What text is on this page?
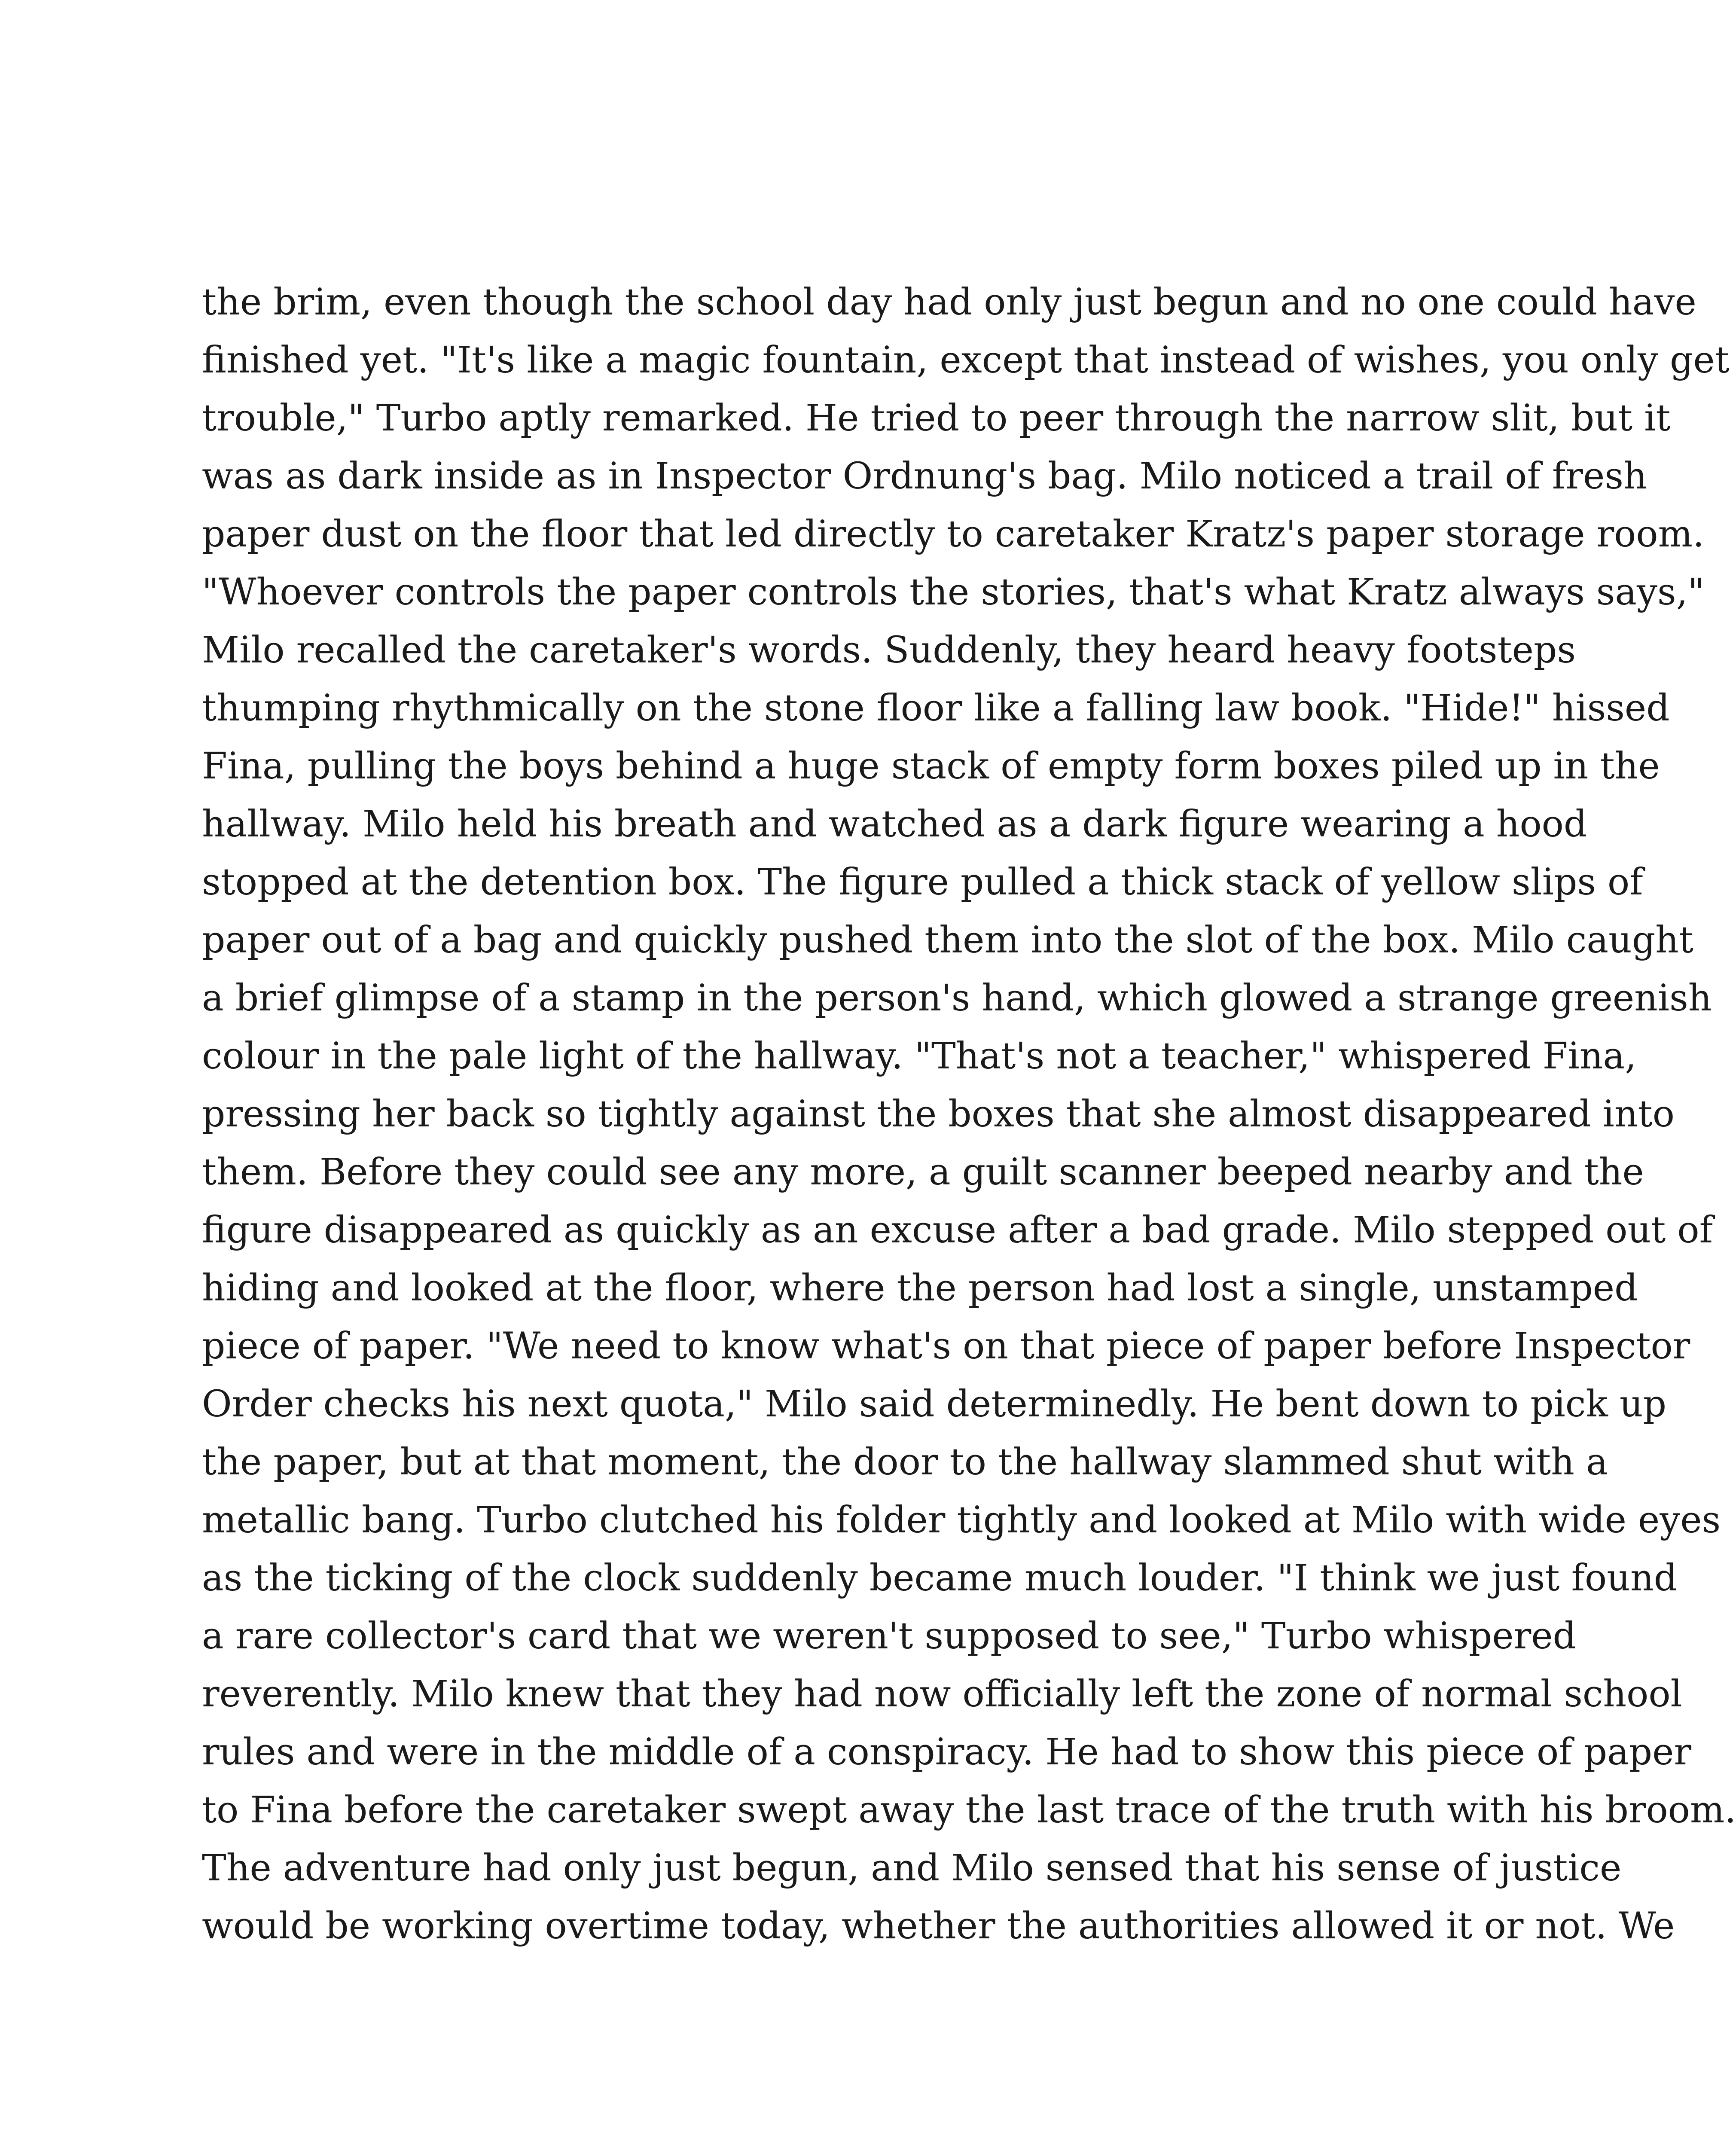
the brim, even though the school day had only just begun and no one could have
finished yet. "It's like a magic fountain, except that instead of wishes, you only get
trouble," Turbo aptly remarked. He tried to peer through the narrow slit, but it
was as dark inside as in Inspector Ordnung's bag. Milo noticed a trail of fresh
paper dust on the floor that led directly to caretaker Kratz's paper storage room.
"Whoever controls the paper controls the stories, that's what Kratz always says,"
Milo recalled the caretaker's words. Suddenly, they heard heavy footsteps
thumping rhythmically on the stone floor like a falling law book. "Hide!" hissed
Fina, pulling the boys behind a huge stack of empty form boxes piled up in the
hallway. Milo held his breath and watched as a dark figure wearing a hood
stopped at the detention box. The figure pulled a thick stack of yellow slips of
paper out of a bag and quickly pushed them into the slot of the box. Milo caught
a brief glimpse of a stamp in the person's hand, which glowed a strange greenish
colour in the pale light of the hallway. "That's not a teacher," whispered Fina,
pressing her back so tightly against the boxes that she almost disappeared into
them. Before they could see any more, a guilt scanner beeped nearby and the
figure disappeared as quickly as an excuse after a bad grade. Milo stepped out of
hiding and looked at the floor, where the person had lost a single, unstamped
piece of paper. "We need to know what's on that piece of paper before Inspector
Order checks his next quota," Milo said determinedly. He bent down to pick up
the paper, but at that moment, the door to the hallway slammed shut with a
metallic bang. Turbo clutched his folder tightly and looked at Milo with wide eyes
as the ticking of the clock suddenly became much louder. "I think we just found
a rare collector's card that we weren't supposed to see," Turbo whispered
reverently. Milo knew that they had now officially left the zone of normal school
rules and were in the middle of a conspiracy. He had to show this piece of paper
to Fina before the caretaker swept away the last trace of the truth with his broom.
The adventure had only just begun, and Milo sensed that his sense of justice
would be working overtime today, whether the authorities allowed it or not. We
